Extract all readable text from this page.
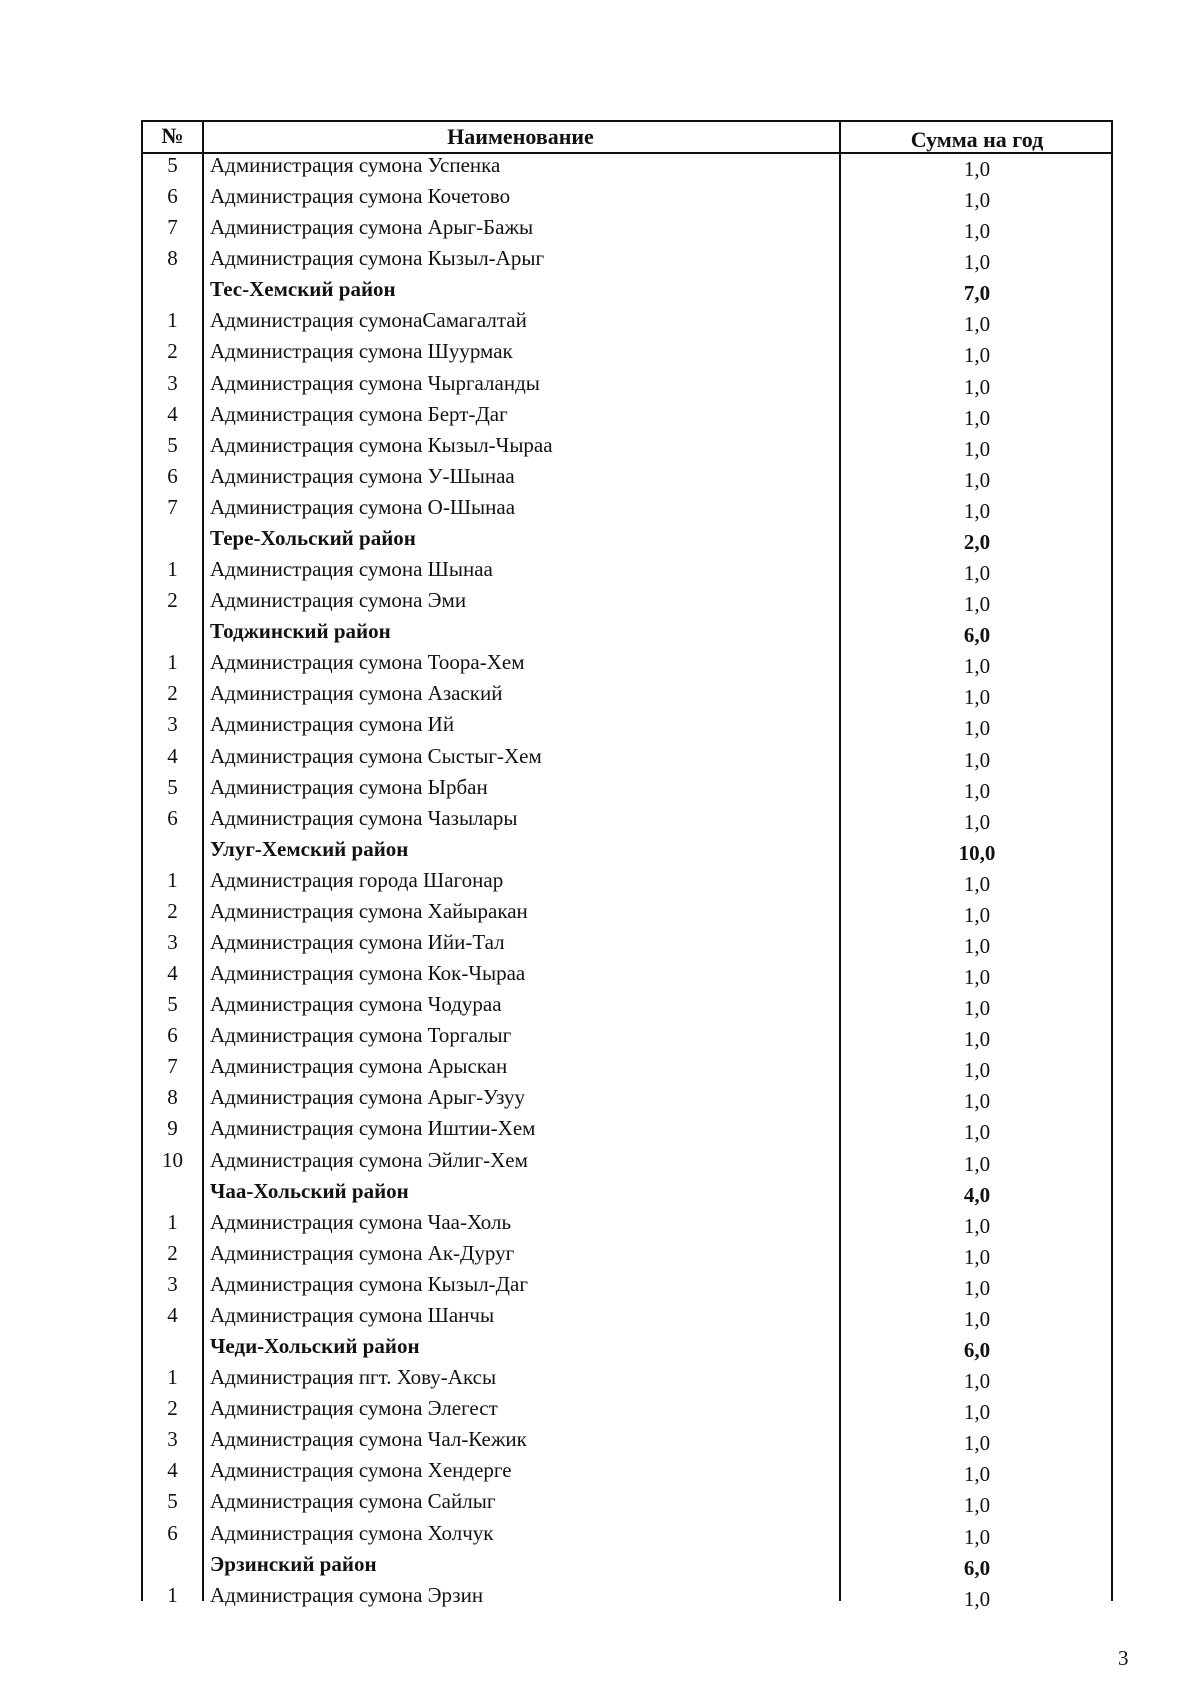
№	Наименование	Сумма на год
5	Администрация сумона Успенка	1,0
6	Администрация сумона Кочетово	1,0
7	Администрация сумона Арыг-Бажы	1,0
8	Администрация сумона Кызыл-Арыг	1,0
Тес-Хемский район	7,0
1	Администрация сумонаСамагалтай	1,0
2	Администрация сумона Шуурмак	1,0
3	Администрация сумона Чыргаланды	1,0
4	Администрация сумона Берт-Даг	1,0
5	Администрация сумона Кызыл-Чыраа	1,0
6	Администрация сумона У-Шынаа	1,0
7	Администрация сумона О-Шынаа	1,0
Тере-Хольский район	2,0
1	Администрация сумона Шынаа	1,0
2	Администрация сумона Эми	1,0
Тоджинский район	6,0
1	Администрация сумона Тоора-Хем	1,0
2	Администрация сумона Азаский	1,0
3	Администрация сумона Ий	1,0
4	Администрация сумона Сыстыг-Хем	1,0
5	Администрация сумона Ырбан	1,0
6	Администрация сумона Чазылары	1,0
Улуг-Хемский район	10,0
1	Администрация города Шагонар	1,0
2	Администрация сумона Хайыракан	1,0
3	Администрация сумона Ийи-Тал	1,0
4	Администрация сумона Кок-Чыраа	1,0
5	Администрация сумона Чодураа	1,0
6	Администрация сумона Торгалыг	1,0
7	Администрация сумона Арыскан	1,0
8	Администрация сумона Арыг-Узуу	1,0
9	Администрация сумона Иштии-Хем	1,0
10	Администрация сумона Эйлиг-Хем	1,0
Чаа-Хольский район	4,0
1	Администрация сумона Чаа-Холь	1,0
2	Администрация сумона Ак-Дуруг	1,0
3	Администрация сумона Кызыл-Даг	1,0
4	Администрация сумона Шанчы	1,0
Чеди-Хольский район	6,0
1	Администрация пгт. Хову-Аксы	1,0
2	Администрация сумона Элегест	1,0
3	Администрация сумона Чал-Кежик	1,0
4	Администрация сумона Хендерге	1,0
5	Администрация сумона Сайлыг	1,0
6	Администрация сумона Холчук	1,0
Эрзинский район	6,0
1	Администрация сумона Эрзин	1,0
3
